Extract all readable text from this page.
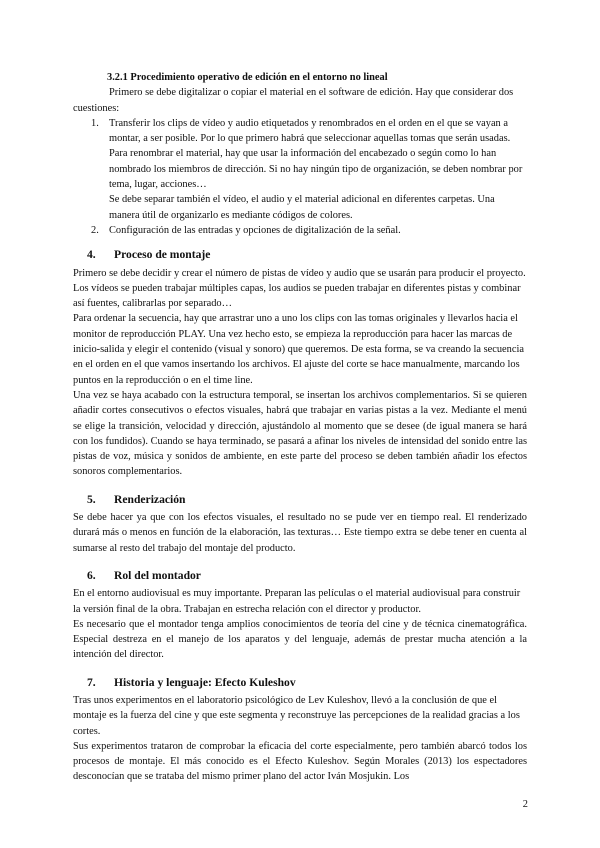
3.2.1 Procedimiento operativo de edición en el entorno no lineal

Primero se debe digitalizar o copiar el material en el software de edición. Hay que considerar dos cuestiones:

1. Transferir los clips de vídeo y audio etiquetados y renombrados en el orden en el que se vayan a montar, a ser posible. Por lo que primero habrá que seleccionar aquellas tomas que serán usadas. Para renombrar el material, hay que usar la información del encabezado o según como lo han nombrado los miembros de dirección. Si no hay ningún tipo de organización, se deben nombrar por tema, lugar, acciones…

Se debe separar también el vídeo, el audio y el material adicional en diferentes carpetas. Una manera útil de organizarlo es mediante códigos de colores.

2. Configuración de las entradas y opciones de digitalización de la señal.

4. Proceso de montaje

Primero se debe decidir y crear el número de pistas de vídeo y audio que se usarán para producir el proyecto. Los vídeos se pueden trabajar múltiples capas, los audios se pueden trabajar en diferentes pistas y combinar así fuentes, calibrarlas por separado…

Para ordenar la secuencia, hay que arrastrar uno a uno los clips con las tomas originales y llevarlos hacia el monitor de reproducción PLAY. Una vez hecho esto, se empieza la reproducción para hacer las marcas de inicio-salida y elegir el contenido (visual y sonoro) que queremos. De esta forma, se va creando la secuencia en el orden en el que vamos insertando los archivos. El ajuste del corte se hace manualmente, marcando los puntos en la reproducción o en el time line.

Una vez se haya acabado con la estructura temporal, se insertan los archivos complementarios. Si se quieren añadir cortes consecutivos o efectos visuales, habrá que trabajar en varias pistas a la vez. Mediante el menú se elige la transición, velocidad y dirección, ajustándolo al momento que se desee (de igual manera se hará con los fundidos). Cuando se haya terminado, se pasará a afinar los niveles de intensidad del sonido entre las pistas de voz, música y sonidos de ambiente, en este parte del proceso se deben también añadir los efectos sonoros complementarios.

5. Renderización

Se debe hacer ya que con los efectos visuales, el resultado no se pude ver en tiempo real. El renderizado durará más o menos en función de la elaboración, las texturas… Este tiempo extra se debe tener en cuenta al sumarse al resto del trabajo del montaje del producto.

6. Rol del montador

En el entorno audiovisual es muy importante. Preparan las películas o el material audiovisual para construir la versión final de la obra. Trabajan en estrecha relación con el director y productor.

Es necesario que el montador tenga amplios conocimientos de teoría del cine y de técnica cinematográfica. Especial destreza en el manejo de los aparatos y del lenguaje, además de prestar mucha atención a la intención del director.

7. Historia y lenguaje: Efecto Kuleshov

Tras unos experimentos en el laboratorio psicológico de Lev Kuleshov, llevó a la conclusión de que el montaje es la fuerza del cine y que este segmenta y reconstruye las percepciones de la realidad gracias a los cortes.

Sus experimentos trataron de comprobar la eficacia del corte especialmente, pero también abarcó todos los procesos de montaje. El más conocido es el Efecto Kuleshov. Según Morales (2013) los espectadores desconocían que se trataba del mismo primer plano del actor Iván Mosjukin. Los

2
